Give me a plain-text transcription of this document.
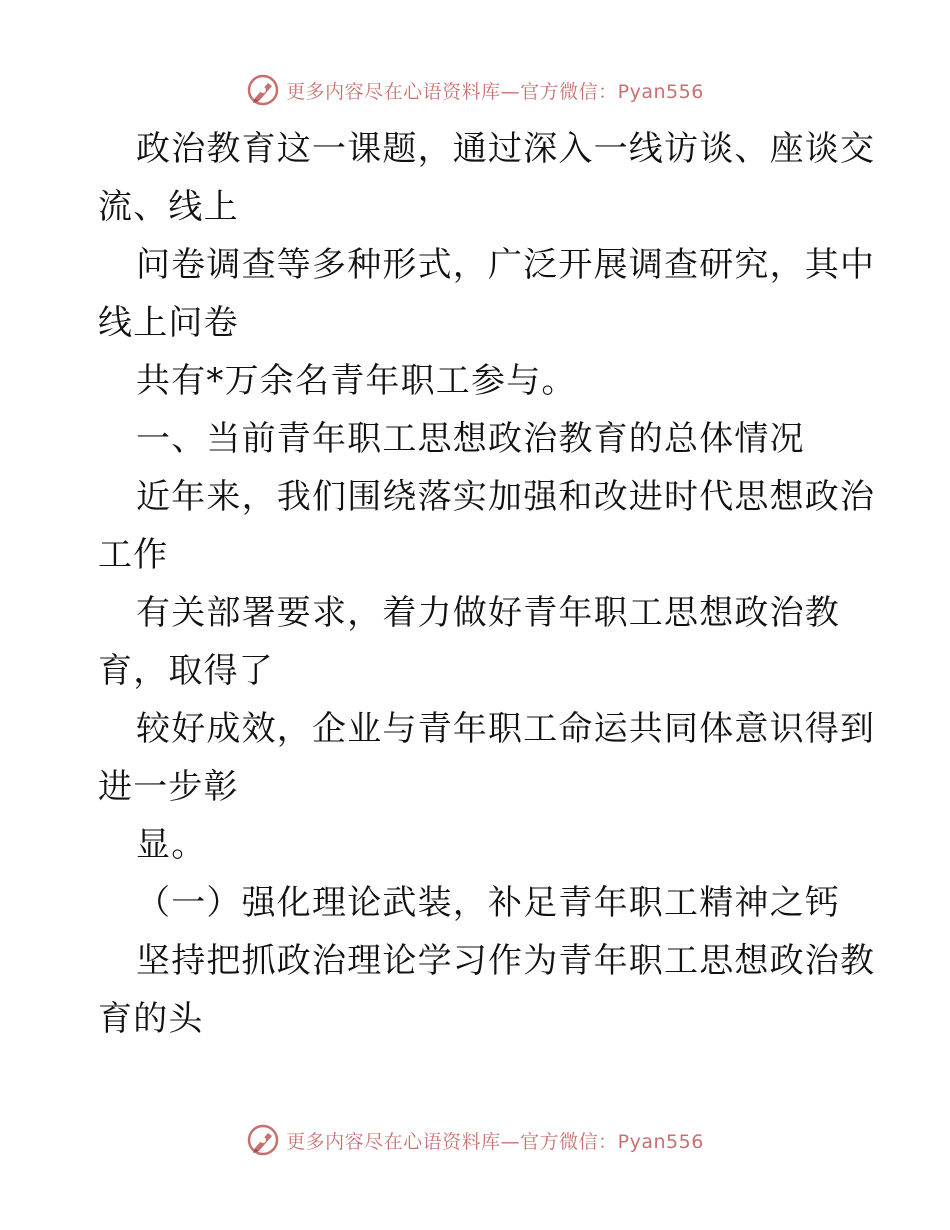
更多内容尽在心语资料库—官方微信：Pyan556
政治教育这一课题，通过深入一线访谈、座谈交
流、线上
问卷调查等多种形式，广泛开展调查研究，其中
线上问卷
共有*万余名青年职工参与。
一、当前青年职工思想政治教育的总体情况
近年来，我们围绕落实加强和改进时代思想政治
工作
有关部署要求，着力做好青年职工思想政治教
育，取得了
较好成效，企业与青年职工命运共同体意识得到
进一步彰
显。
（一）强化理论武装，补足青年职工精神之钙
坚持把抓政治理论学习作为青年职工思想政治教
育的头
更多内容尽在心语资料库—官方微信：Pyan556
